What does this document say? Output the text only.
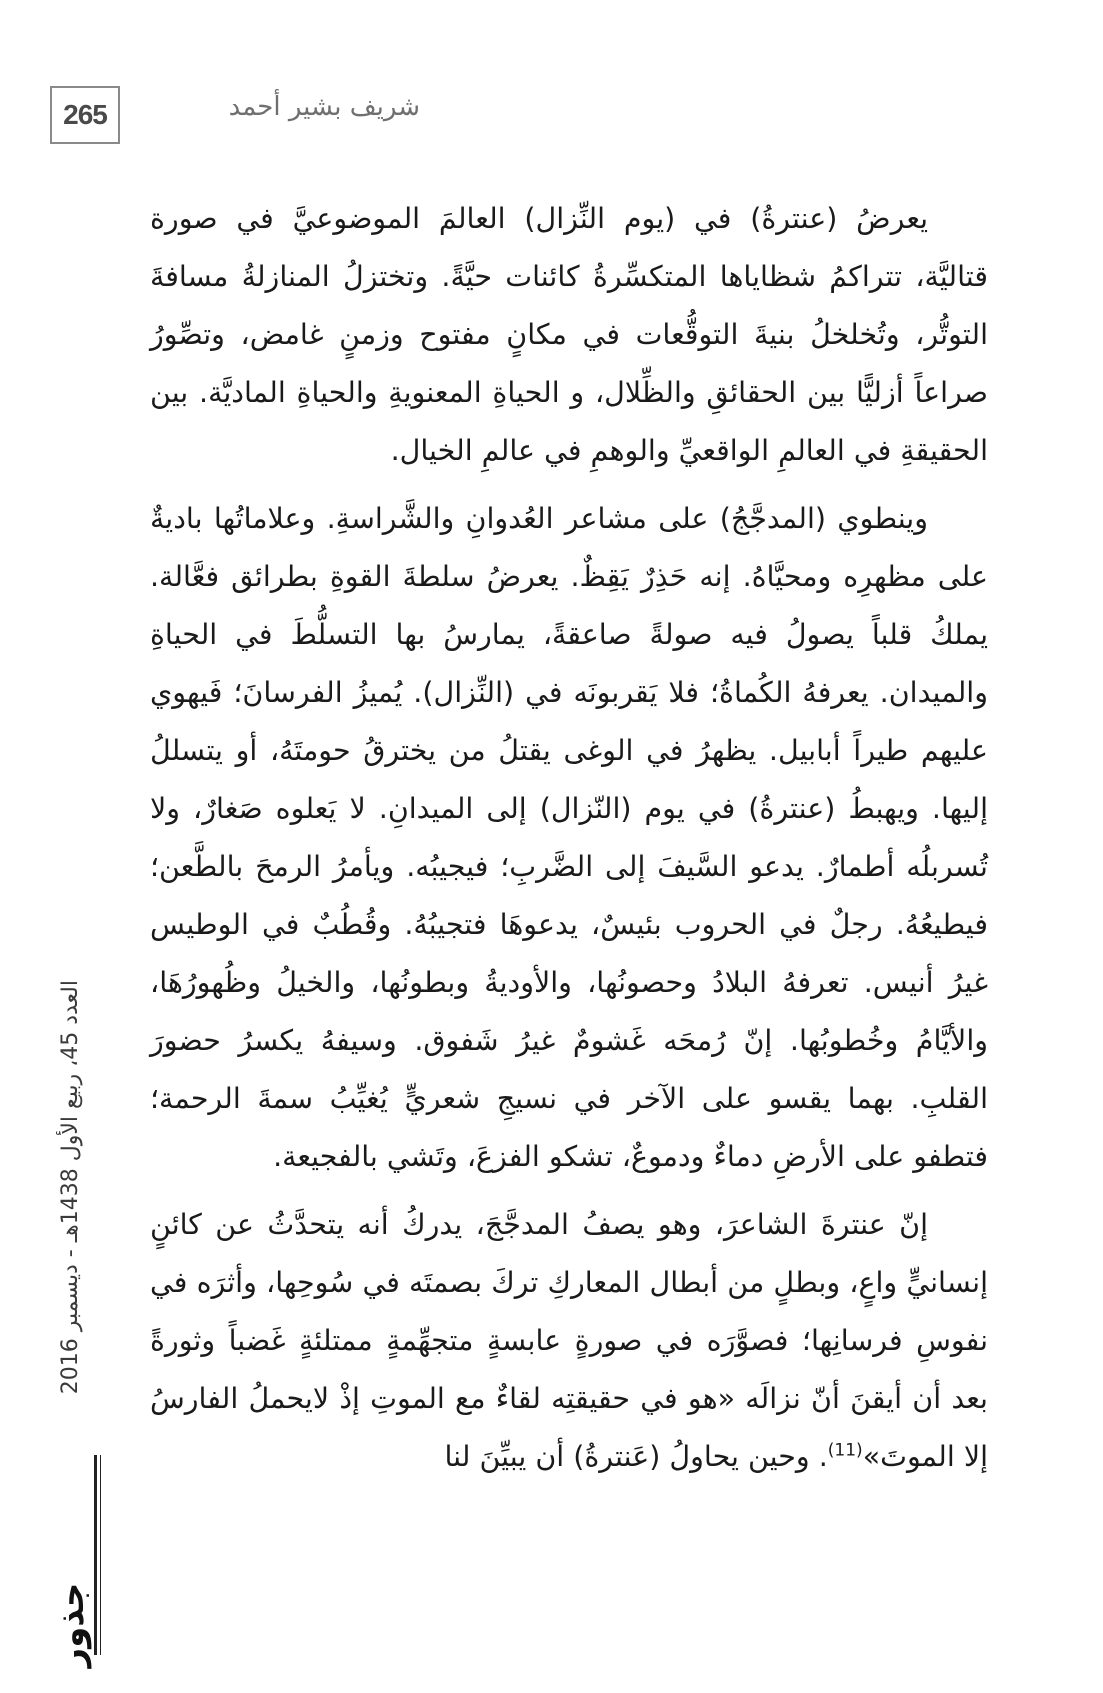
265	شريف بشير أحمد

يعرضُ (عنترةُ) في (يوم النِّزال) العالمَ الموضوعيَّ في صورة قتاليَّة، تتراكمُ شظاياها المتكسِّرةُ كائنات حيَّةً. وتختزلُ المنازلةُ مسافةَ التوتُّر، وتُخلخلُ بنيةَ التوقُّعات في مكانٍ مفتوح وزمنٍ غامض، وتصِّورُ صراعاً أزليًّا بين الحقائقِ والظِّلال، و الحياةِ المعنويةِ والحياةِ الماديَّة. بين الحقيقةِ في العالمِ الواقعيِّ والوهمِ في عالمِ الخيال.

وينطوي (المدجَّجُ) على مشاعر العُدوانِ والشَّراسةِ. وعلاماتُها باديةٌ على مظهرِه ومحيَّاهُ. إنه حَذِرٌ يَقِظٌ. يعرضُ سلطةَ القوةِ بطرائق فعَّالة. يملكُ قلباً يصولُ فيه صولةً صاعقةً، يمارسُ بها التسلُّطَ في الحياةِ والميدان. يعرفهُ الكُماةُ؛ فلا يَقربونَه في (النِّزال). يُميزُ الفرسانَ؛ فَيهوي عليهم طيراً أبابيل. يظهرُ في الوغى يقتلُ من يخترقُ حومتَهُ، أو يتسللُ إليها. ويهبطُ (عنترةُ) في يوم (النّزال) إلى الميدانِ. لا يَعلوه صَغارٌ، ولا تُسربلُه أطمارٌ. يدعو السَّيفَ إلى الضَّربِ؛ فيجيبُه. ويأمرُ الرمحَ بالطَّعن؛ فيطيعُهُ. رجلٌ في الحروب بئيسٌ، يدعوهَا فتجيبُهُ. وقُطُبٌ في الوطيس غيرُ أنيس. تعرفهُ البلادُ وحصونُها، والأوديةُ وبطونُها، والخيلُ وظُهورُهَا، والأيَّامُ وخُطوبُها. إنّ رُمحَه غَشومٌ غيرُ شَفوق. وسيفهُ يكسرُ حضورَ القلبِ. بهما يقسو على الآخر في نسيجِ شعريٍّ يُغيِّبُ سمةَ الرحمة؛ فتطفو على الأرضِ دماءٌ ودموعٌ، تشكو الفزعَ، وتَشي بالفجيعة.

إنّ عنترةَ الشاعرَ، وهو يصفُ المدجَّجَ، يدركُ أنه يتحدَّثُ عن كائنٍ إنسانيٍّ واعٍ، وبطلٍ من أبطال المعاركِ تركَ بصمتَه في سُوحِها، وأثرَه في نفوسِ فرسانِها؛ فصوَّرَه في صورةٍ عابسةٍ متجهِّمةٍ ممتلئةٍ غَضباً وثورةً بعد أن أيقنَ أنّ نزالَه «هو في حقيقتِه لقاءٌ مع الموتِ إذْ لايحملُ الفارسُ إلا الموتَ»$^{(11)}$. وحين يحاولُ (عَنترةُ) أن يبيِّنَ لنا

العدد 45، ربيع الأول 1438هـ - ديسمبر 2016
جذور
